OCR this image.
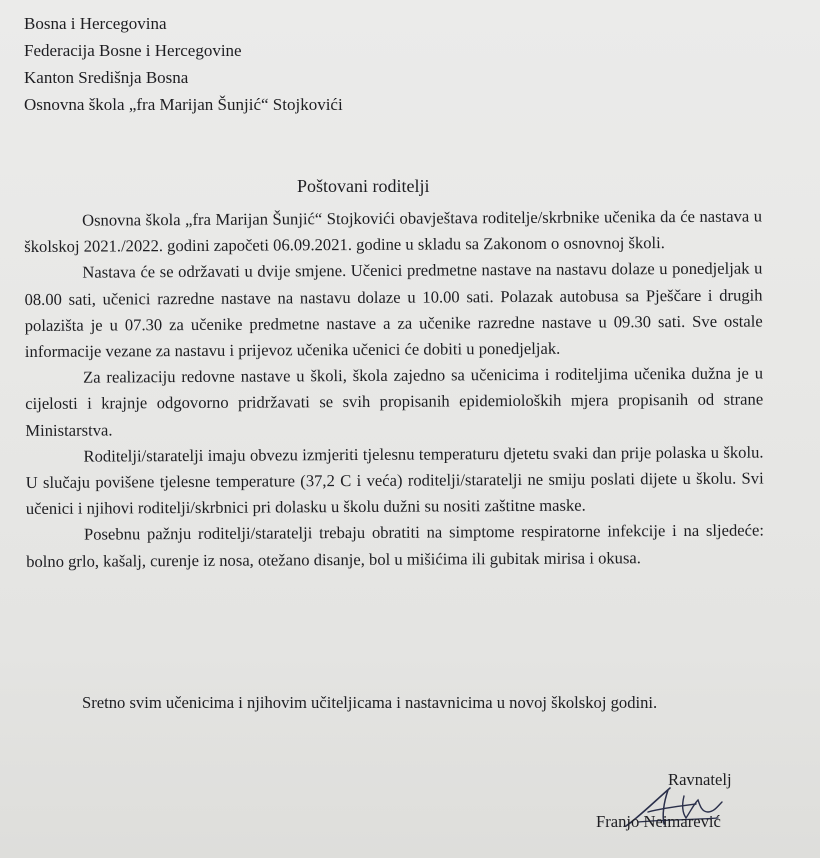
Bosna i Hercegovina
Federacija Bosne i Hercegovine
Kanton Središnja Bosna
Osnovna škola „fra Marijan Šunjić“ Stojkovići
Poštovani roditelji

Osnovna škola „fra Marijan Šunjić“ Stojkovići obavještava roditelje/skrbnike učenika da će nastava u školskoj 2021./2022. godini započeti 06.09.2021. godine u skladu sa Zakonom o osnovnoj školi.

Nastava će se održavati u dvije smjene. Učenici predmetne nastave na nastavu dolaze u ponedjeljak u 08.00 sati, učenici razredne nastave na nastavu dolaze u 10.00 sati. Polazak autobusa sa Pješčare i drugih polazišta je u 07.30 za učenike predmetne nastave a za učenike razredne nastave u 09.30 sati. Sve ostale informacije vezane za nastavu i prijevoz učenika učenici će dobiti u ponedjeljak.

Za realizaciju redovne nastave u školi, škola zajedno sa učenicima i roditeljima učenika dužna je u cijelosti i krajnje odgovorno pridržavati se svih propisanih epidemioloških mjera propisanih od strane Ministarstva.

Roditelji/staratelji imaju obvezu izmjeriti tjelesnu temperaturu djetetu svaki dan prije polaska u školu. U slučaju povišene tjelesne temperature (37,2 C i veća) roditelji/staratelji ne smiju poslati dijete u školu. Svi učenici i njihovi roditelji/skrbnici pri dolasku u školu dužni su nositi zaštitne maske.

Posebnu pažnju roditelji/staratelji trebaju obratiti na simptome respiratorne infekcije i na sljedeće: bolno grlo, kašalj, curenje iz nosa, otežano disanje, bol u mišićima ili gubitak mirisa i okusa.

Sretno svim učenicima i njihovim učiteljicama i nastavnicima u novoj školskoj godini.
Ravnatelj
Franjo Neimarević
